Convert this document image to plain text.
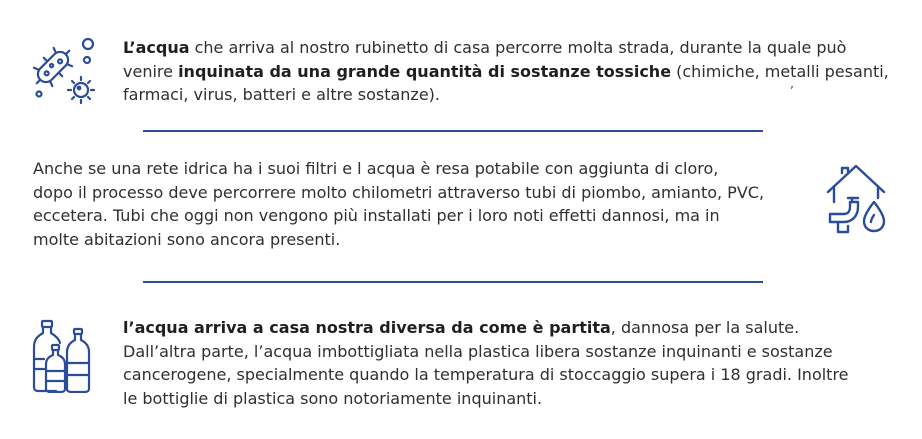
L’acqua che arriva al nostro rubinetto di casa percorre molta strada, durante la quale può
venire inquinata da una grande quantità di sostanze tossiche (chimiche, metalli pesanti,
farmaci, virus, batteri e altre sostanze).	’

Anche se una rete idrica ha i suoi filtri e l acqua è resa potabile con aggiunta di cloro,
dopo il processo deve percorrere molto chilometri attraverso tubi di piombo, amianto, PVC,
eccetera. Tubi che oggi non vengono più installati per i loro noti effetti dannosi, ma in
molte abitazioni sono ancora presenti.

l’acqua arriva a casa nostra diversa da come è partita, dannosa per la salute.
Dall’altra parte, l’acqua imbottigliata nella plastica libera sostanze inquinanti e sostanze
cancerogene, specialmente quando la temperatura di stoccaggio supera i 18 gradi. Inoltre
le bottiglie di plastica sono notoriamente inquinanti.
